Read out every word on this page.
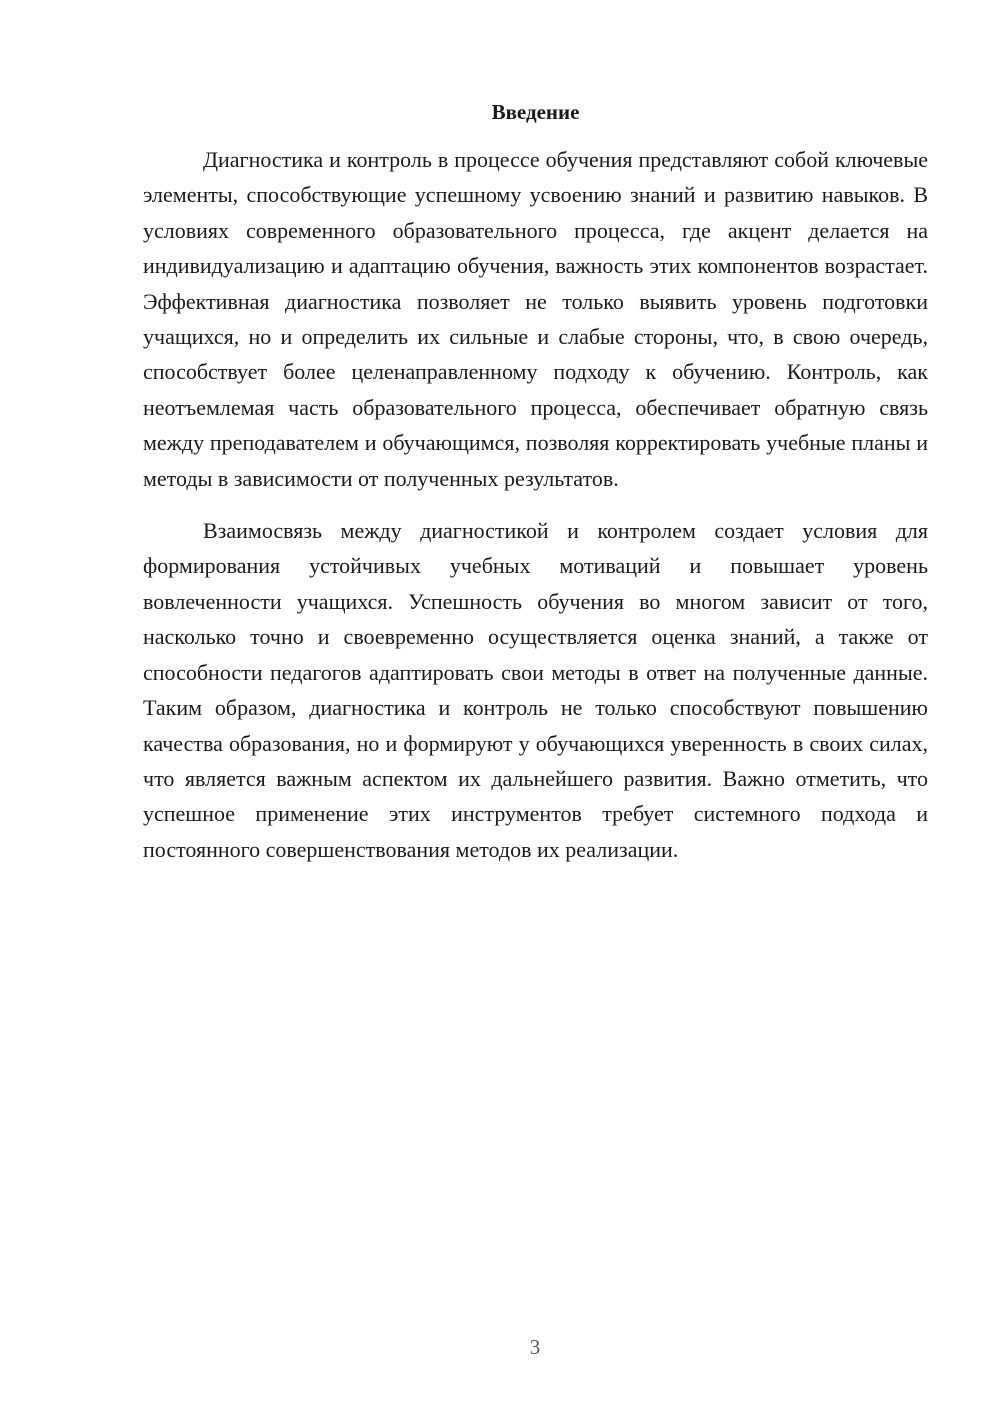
Введение

Диагностика и контроль в процессе обучения представляют собой ключевые элементы, способствующие успешному усвоению знаний и развитию навыков. В условиях современного образовательного процесса, где акцент делается на индивидуализацию и адаптацию обучения, важность этих компонентов возрастает. Эффективная диагностика позволяет не только выявить уровень подготовки учащихся, но и определить их сильные и слабые стороны, что, в свою очередь, способствует более целенаправленному подходу к обучению. Контроль, как неотъемлемая часть образовательного процесса, обеспечивает обратную связь между преподавателем и обучающимся, позволяя корректировать учебные планы и методы в зависимости от полученных результатов.

Взаимосвязь между диагностикой и контролем создает условия для формирования устойчивых учебных мотиваций и повышает уровень вовлеченности учащихся. Успешность обучения во многом зависит от того, насколько точно и своевременно осуществляется оценка знаний, а также от способности педагогов адаптировать свои методы в ответ на полученные данные. Таким образом, диагностика и контроль не только способствуют повышению качества образования, но и формируют у обучающихся уверенность в своих силах, что является важным аспектом их дальнейшего развития. Важно отметить, что успешное применение этих инструментов требует системного подхода и постоянного совершенствования методов их реализации.

3
